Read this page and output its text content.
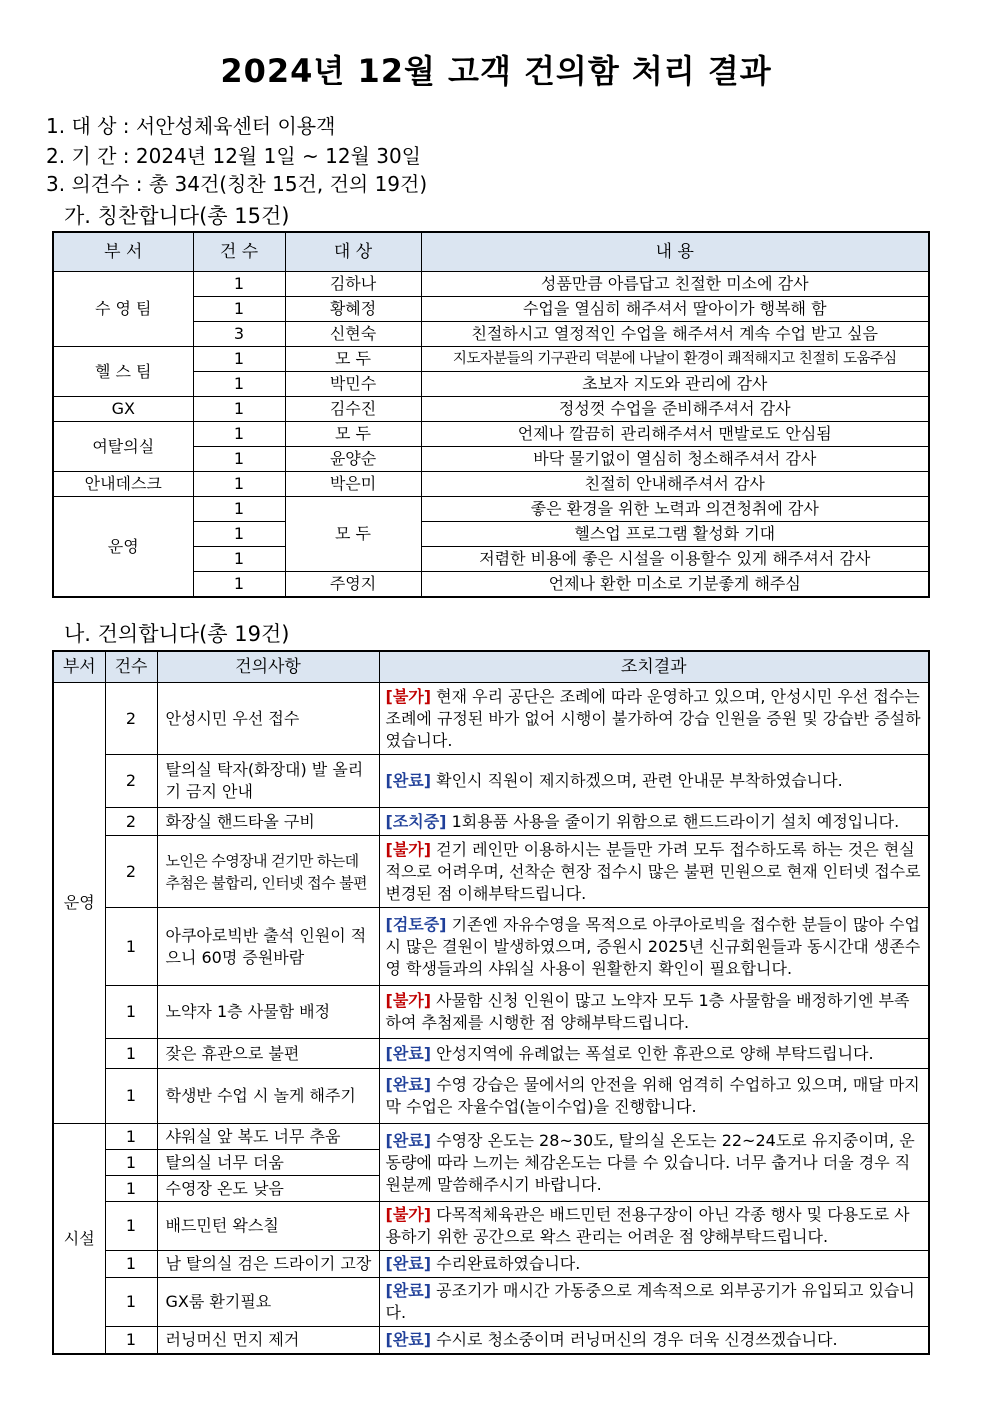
2024년 12월 고객 건의함 처리 결과
1. 대 상 : 서안성체육센터 이용객
2. 기 간 : 2024년 12월 1일 ~ 12월 30일
3. 의견수 : 총 34건(칭찬 15건, 건의 19건)
가. 칭찬합니다(총 15건)
부 서	건 수	대 상	내 용
수 영 팀	1	김하나	성품만큼 아름답고 친절한 미소에 감사
	1	황혜정	수업을 열심히 해주셔서 딸아이가 행복해 함
	3	신현숙	친절하시고 열정적인 수업을 해주셔서 계속 수업 받고 싶음
헬 스 팀	1	모 두	지도자분들의 기구관리 덕분에 나날이 환경이 쾌적해지고 친절히 도움주심
	1	박민수	초보자 지도와 관리에 감사
GX	1	김수진	정성껏 수업을 준비해주셔서 감사
여탈의실	1	모 두	언제나 깔끔히 관리해주셔서 맨발로도 안심됨
	1	윤양순	바닥 물기없이 열심히 청소해주셔서 감사
안내데스크	1	박은미	친절히 안내해주셔서 감사
운영	1	모 두	좋은 환경을 위한 노력과 의견청취에 감사
	1		헬스업 프로그램 활성화 기대
	1		저렴한 비용에 좋은 시설을 이용할수 있게 해주셔서 감사
	1	주영지	언제나 환한 미소로 기분좋게 해주심
나. 건의합니다(총 19건)
부서	건수	건의사항	조치결과
운영	2	안성시민 우선 접수	[불가] 현재 우리 공단은 조례에 따라 운영하고 있으며, 안성시민 우선 접수는 조례에 규정된 바가 없어 시행이 불가하여 강습 인원을 증원 및 강습반 증설하였습니다.
	2	탈의실 탁자(화장대) 발 올리기 금지 안내	[완료] 확인시 직원이 제지하겠으며, 관련 안내문 부착하였습니다.
	2	화장실 핸드타올 구비	[조치중] 1회용품 사용을 줄이기 위함으로 핸드드라이기 설치 예정입니다.
	2	노인은 수영장내 걷기만 하는데 추첨은 불합리, 인터넷 접수 불편	[불가] 걷기 레인만 이용하시는 분들만 가려 모두 접수하도록 하는 것은 현실적으로 어려우며, 선착순 현장 접수시 많은 불편 민원으로 현재 인터넷 접수로 변경된 점 이해부탁드립니다.
	1	아쿠아로빅반 출석 인원이 적으니 60명 증원바람	[검토중] 기존엔 자유수영을 목적으로 아쿠아로빅을 접수한 분들이 많아 수업시 많은 결원이 발생하였으며, 증원시 2025년 신규회원들과 동시간대 생존수영 학생들과의 샤워실 사용이 원활한지 확인이 필요합니다.
	1	노약자 1층 사물함 배정	[불가] 사물함 신청 인원이 많고 노약자 모두 1층 사물함을 배정하기엔 부족하여 추첨제를 시행한 점 양해부탁드립니다.
	1	잦은 휴관으로 불편	[완료] 안성지역에 유례없는 폭설로 인한 휴관으로 양해 부탁드립니다.
	1	학생반 수업 시 놀게 해주기	[완료] 수영 강습은 물에서의 안전을 위해 엄격히 수업하고 있으며, 매달 마지막 수업은 자율수업(놀이수업)을 진행합니다.
시설	1	샤워실 앞 복도 너무 추움	[완료] 수영장 온도는 28~30도, 탈의실 온도는 22~24도로 유지중이며, 운동량에 따라 느끼는 체감온도는 다를 수 있습니다. 너무 춥거나 더울 경우 직원분께 말씀해주시기 바랍니다.
	1	탈의실 너무 더움	
	1	수영장 온도 낮음	
	1	배드민턴 왁스칠	[불가] 다목적체육관은 배드민턴 전용구장이 아닌 각종 행사 및 다용도로 사용하기 위한 공간으로 왁스 관리는 어려운 점 양해부탁드립니다.
	1	남 탈의실 검은 드라이기 고장	[완료] 수리완료하였습니다.
	1	GX룸 환기필요	[완료] 공조기가 매시간 가동중으로 계속적으로 외부공기가 유입되고 있습니다.
	1	러닝머신 먼지 제거	[완료] 수시로 청소중이며 러닝머신의 경우 더욱 신경쓰겠습니다.
